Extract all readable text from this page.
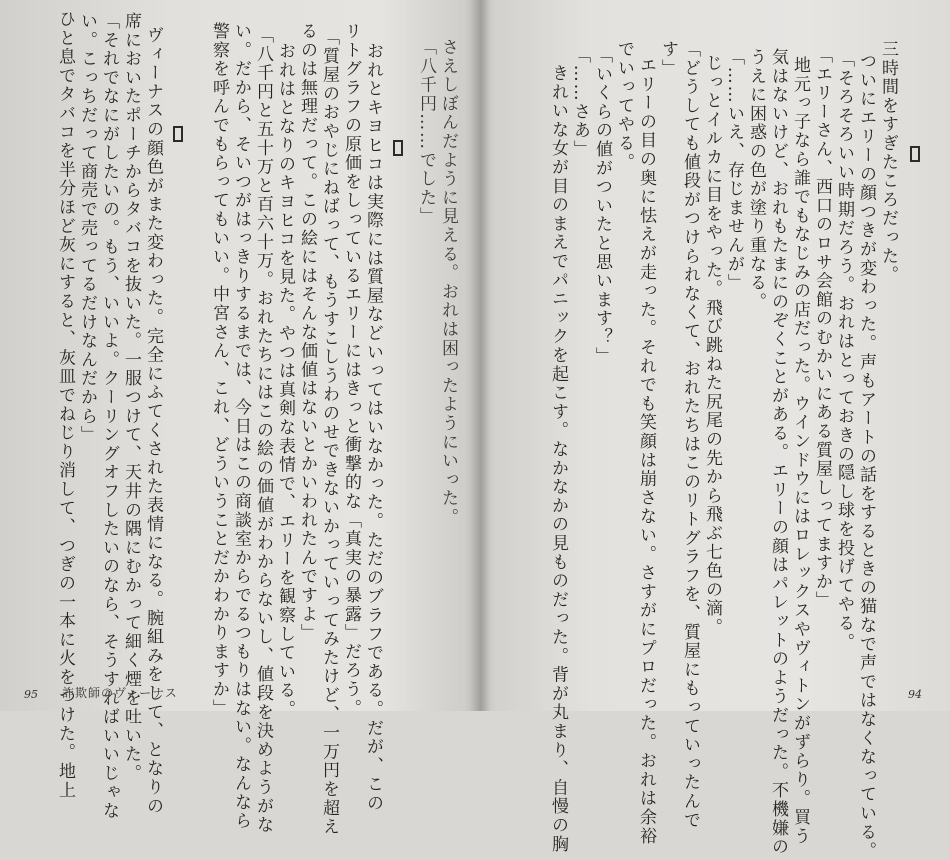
さえしぼんだように見える。おれは困ったようにいった。
「八千円……でした」
おれとキヨヒコは実際には質屋などいってはいなかった。ただのブラフである。だが、この
リトグラフの原価をしっているエリーにはきっと衝撃的な「真実の暴露」だろう。
「質屋のおやじにねばって、もうすこしうわのせできないかっていってみたけど、一万円を超え
るのは無理だって。この絵にはそんな価値はないとかいわれたんですよ」
おれはとなりのキヨヒコを見た。やつは真剣な表情で、エリーを観察している。
「八千円と五十万と百六十万。おれたちにはこの絵の価値がわからないし、値段を決めようがな
い。だから、そいつがはっきりするまでは、今日はこの商談室からでるつもりはない。なんなら
警察を呼んでもらってもいい。中宮さん、これ、どういうことだかわかりますか」
ヴィーナスの顔色がまた変わった。完全にふてくされた表情になる。腕組みをして、となりの
席においたポーチからタバコを抜いた。一服つけて、天井の隅にむかって細く煙を吐いた。
「それでなにがしたいの。もう、いいよ。クーリングオフしたいのなら、そうすればいいじゃな
い。こっちだって商売で売ってるだけなんだから」
ひと息でタバコを半分ほど灰にすると、灰皿でねじり消して、つぎの一本に火をつけた。地上
95 詐欺師のヴィーナス
三時間をすぎたころだった。
ついにエリーの顔つきが変わった。声もアートの話をするときの猫なで声ではなくなっている。
「そろそろいい時期だろう。おれはとっておきの隠し球を投げてやる。
「エリーさん、西口のロサ会館のむかいにある質屋しってますか」
地元っ子なら誰でもなじみの店だった。ウインドウにはロレックスやヴィトンがずらり。買う
気はないけど、おれもたまにのぞくことがある。エリーの顔はパレットのようだった。不機嫌の
うえに困惑の色が塗り重なる。
「……いえ、存じませんが」
じっとイルカに目をやった。飛び跳ねた尻尾の先から飛ぶ七色の滴。
「どうしても値段がつけられなくて、おれたちはこのリトグラフを、質屋にもっていったんで
す」
エリーの目の奥に怯えが走った。それでも笑顔は崩さない。さすがにプロだった。おれは余裕
でいってやる。
「いくらの値がついたと思います？」
「……さあ」
きれいな女が目のまえでパニックを起こす。なかなかの見ものだった。背が丸まり、自慢の胸	94
